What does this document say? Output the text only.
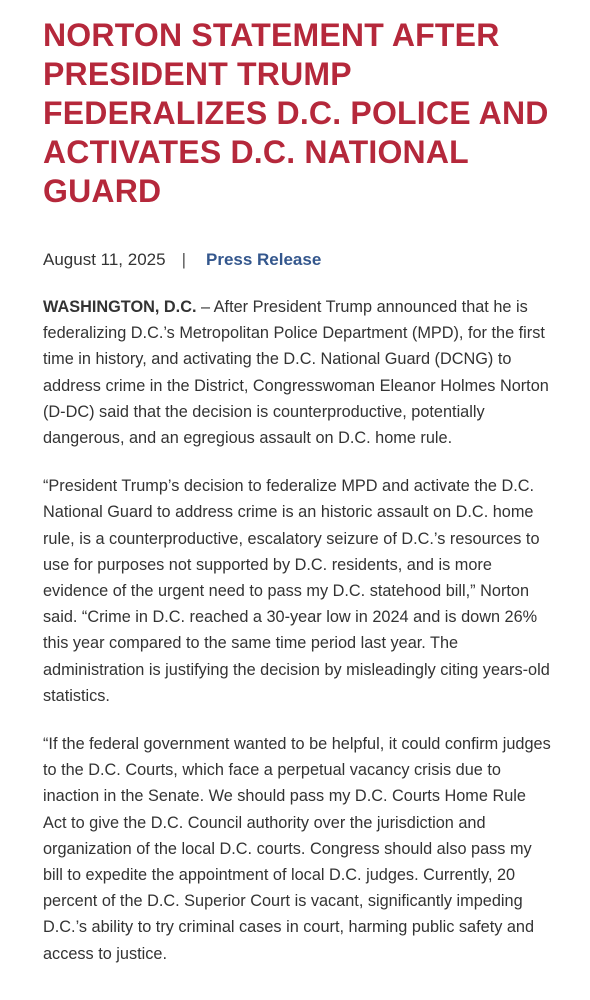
NORTON STATEMENT AFTER PRESIDENT TRUMP FEDERALIZES D.C. POLICE AND ACTIVATES D.C. NATIONAL GUARD
August 11, 2025 | Press Release

WASHINGTON, D.C. – After President Trump announced that he is federalizing D.C.’s Metropolitan Police Department (MPD), for the first time in history, and activating the D.C. National Guard (DCNG) to address crime in the District, Congresswoman Eleanor Holmes Norton (D-DC) said that the decision is counterproductive, potentially dangerous, and an egregious assault on D.C. home rule.

“President Trump’s decision to federalize MPD and activate the D.C. National Guard to address crime is an historic assault on D.C. home rule, is a counterproductive, escalatory seizure of D.C.’s resources to use for purposes not supported by D.C. residents, and is more evidence of the urgent need to pass my D.C. statehood bill,” Norton said. “Crime in D.C. reached a 30-year low in 2024 and is down 26% this year compared to the same time period last year. The administration is justifying the decision by misleadingly citing years-old statistics.

“If the federal government wanted to be helpful, it could confirm judges to the D.C. Courts, which face a perpetual vacancy crisis due to inaction in the Senate. We should pass my D.C. Courts Home Rule Act to give the D.C. Council authority over the jurisdiction and organization of the local D.C. courts. Congress should also pass my bill to expedite the appointment of local D.C. judges. Currently, 20 percent of the D.C. Superior Court is vacant, significantly impeding D.C.’s ability to try criminal cases in court, harming public safety and access to justice.
